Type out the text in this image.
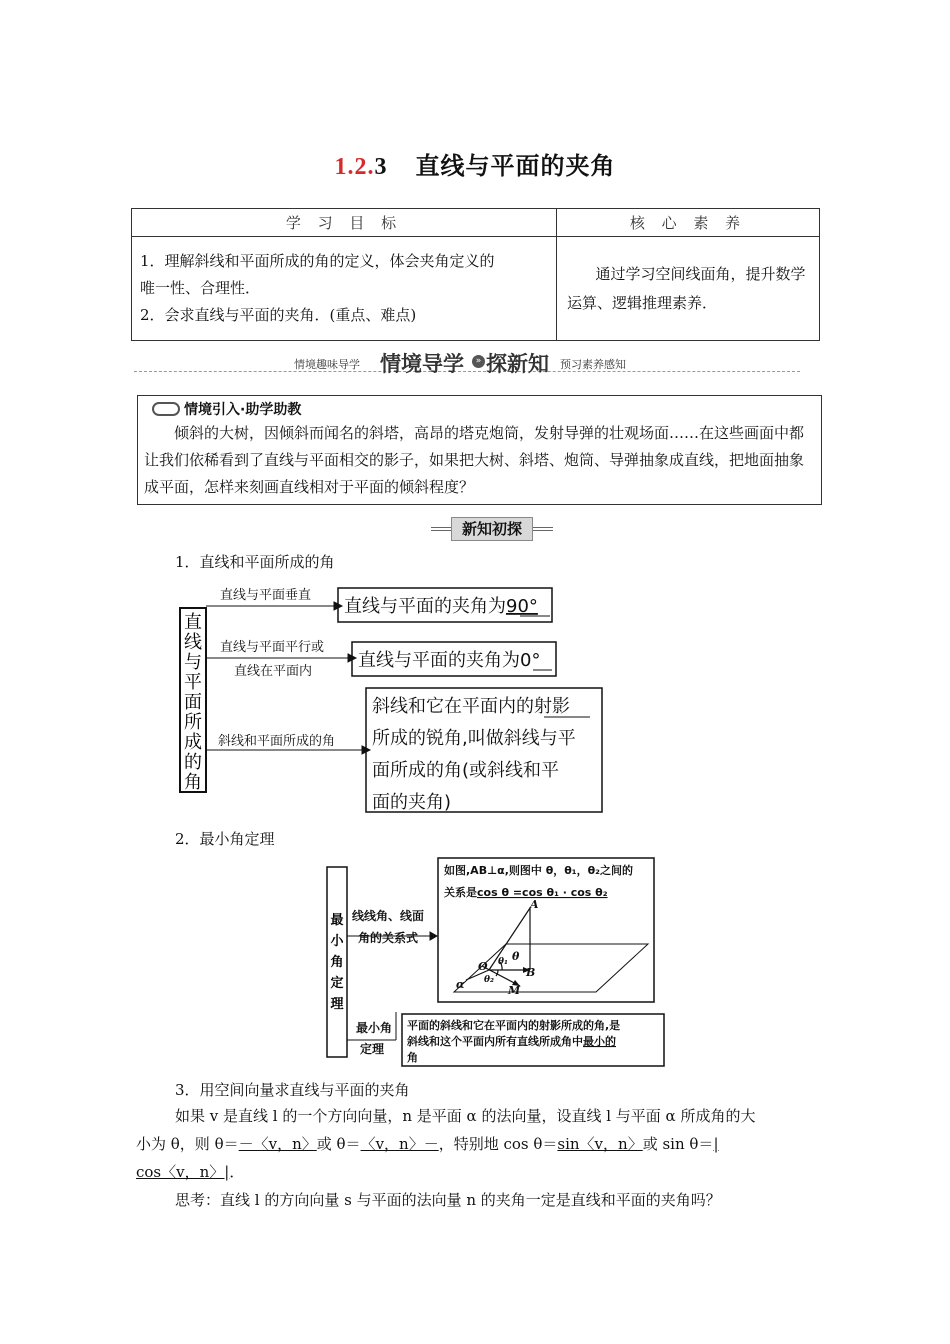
1.2.3 直线与平面的夹角
学 习 目 标	核 心 素 养

1．理解斜线和平面所成的角的定义，体会夹角定义的
唯一性、合理性．
2．会求直线与平面的夹角．(重点、难点)	通过学习空间线面角，提升数学运算、逻辑推理素养．
情境趣味导学 情境导学	» 探新知 预习素养感知
情境引入·助学助教

倾斜的大树，因倾斜而闻名的斜塔，高昂的塔克炮筒，发射导弹的壮观场面……在这些画面中都让我们依稀看到了直线与平面相交的影子，如果把大树、斜塔、炮筒、导弹抽象成直线，把地面抽象成平面，怎样来刻画直线相对于平面的倾斜程度？

新知初探
1．直线和平面所成的角
直
线
与
平
面
所
成
的
角
直线与平面垂直
直线与平面平行或
直线在平面内
斜线和平面所成的角
直线与平面的夹角为90°
直线与平面的夹角为0°
斜线和它在平面内的射影
所成的锐角,叫做斜线与平
面所成的角(或斜线和平
面的夹角)
2．最小角定理
最
小
角
定
理
线线角、线面
角的关系式
最小角
定理
如图,AB⊥α,则图中 θ，θ₁，θ₂之间的
关系是cos θ =cos θ₁ · cos θ₂
A
B
O
M
α
θ
θ₁
θ₂
平面的斜线和它在平面内的射影所成的角,是
斜线和这个平面内所有直线所成角中最小的
角
3．用空间向量求直线与平面的夹角
如果 v 是直线 l 的一个方向向量，n 是平面 α 的法向量，设直线 l 与平面 α 所成角的大
小为 θ，则 θ＝－〈v，n〉或 θ＝〈v，n〉－，特别地 cos θ＝sin〈v，n〉或 sin θ＝|
cos〈v，n〉|．
思考：直线 l 的方向向量 s 与平面的法向量 n 的夹角一定是直线和平面的夹角吗？
